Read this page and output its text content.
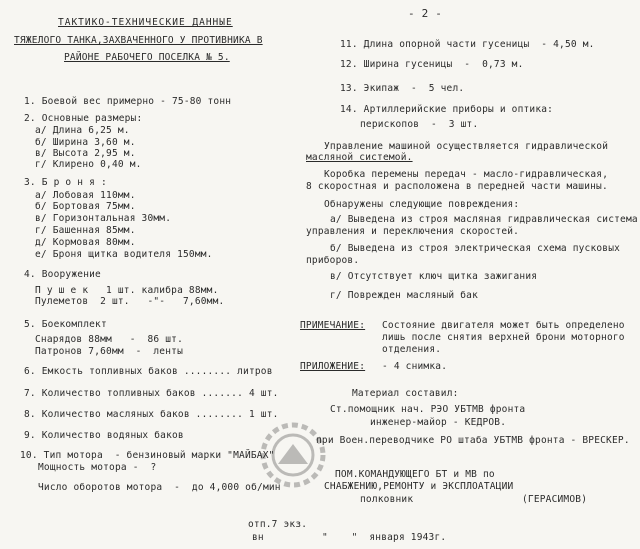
ТАКТИКО-ТЕХНИЧЕСКИЕ ДАННЫЕ
ТЯЖЕЛОГО ТАНКА,ЗАХВАЧЕННОГО У ПРОТИВНИКА В
РАЙОНЕ РАБОЧЕГО ПОСЕЛКА № 5.
- 2 -
1. Боевой вес примерно - 75-80 тонн
2. Основные размеры:
а/ Длина 6,25 м.
б/ Ширина 3,60 м.
в/ Высота 2,95 м.
г/ Клирено 0,40 м.
3. Б р о н я :
а/ Лобовая 110мм.
б/ Бортовая 75мм.
в/ Горизонтальная 30мм.
г/ Башенная 85мм.
д/ Кормовая 80мм.
е/ Броня щитка водителя 150мм.
4. Вооружение
П у ш е к   1 шт. калибра 88мм.
Пулеметов  2 шт.   -"-   7,60мм.
5. Боекомплект
Снарядов 88мм   -  86 шт.
Патронов 7,60мм  -  ленты
6. Емкость топливных баков ........ литров
7. Количество топливных баков ....... 4 шт.
8. Количество масляных баков ........ 1 шт.
9. Количество водяных баков
10. Тип мотора  - бензиновый марки "МАЙБАХ"
Мощность мотора -  ?
Число оборотов мотора  -  до 4,000 об/мин
11. Длина опорной части гусеницы  - 4,50 м.
12. Ширина гусеницы  -  0,73 м.
13. Экипаж  -  5 чел.
14. Артиллерийские приборы и оптика:
перископов  -  3 шт.
Управление машиной осуществляется гидравлической
масляной системой.
Коробка перемены передач - масло-гидравлическая,
8 скоростная и расположена в передней части машины.
Обнаружены следующие повреждения:
а/ Выведена из строя масляная гидравлическая система
управления и переключения скоростей.
б/ Выведена из строя электрическая схема пусковых
приборов.
в/ Отсутствует ключ щитка зажигания
г/ Поврежден масляный бак
ПРИМЕЧАНИЕ: Состояние двигателя может быть определено
лишь после снятия верхней брони моторного
отделения.
ПРИЛОЖЕНИЕ: - 4 снимка.
Материал составил:
Ст.помощник нач. РЭО УБТМВ фронта
инженер-майор - КЕДРОВ.
при Воен.переводчике РО штаба УБТМВ фронта - ВРЕСКЕР.
ПОМ.КОМАНДУЮЩЕГО БТ и МВ по
СНАБЖЕНИЮ,РЕМОНТУ и ЭКСПЛОАТАЦИИ
полковник	(ГЕРАСИМОВ)
отп.7 экз.
вн	"    "  января 1943г.
